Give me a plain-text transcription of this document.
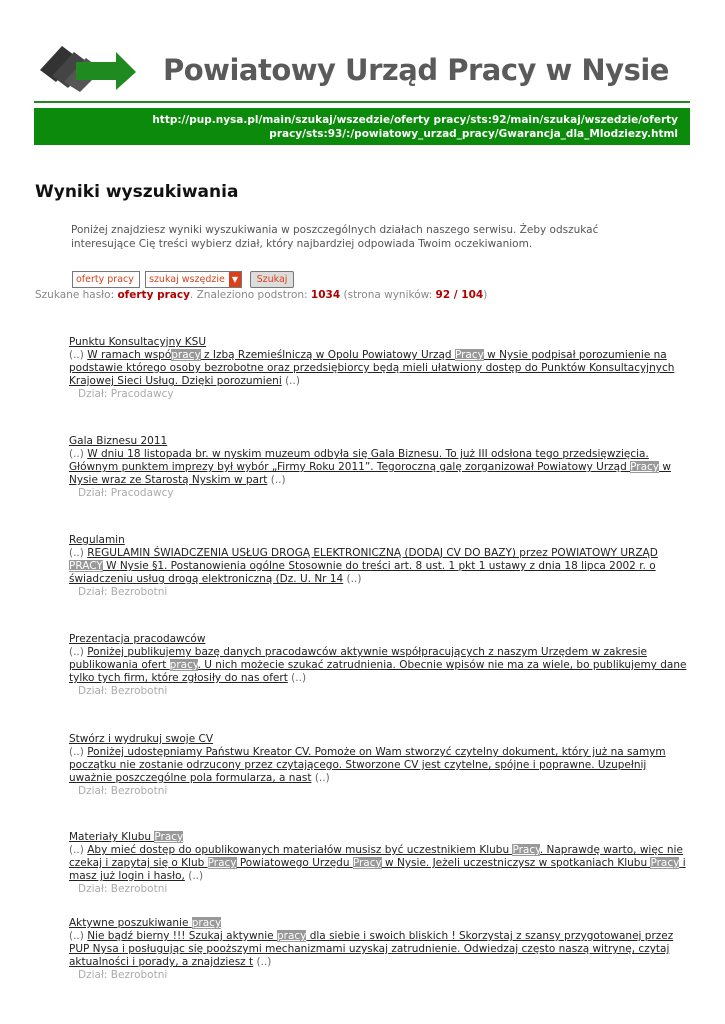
Powiatowy Urząd Pracy w Nysie
http://pup.nysa.pl/main/szukaj/wszedzie/oferty pracy/sts:92/main/szukaj/wszedzie/oferty
pracy/sts:93/:/powiatowy_urzad_pracy/Gwarancja_dla_Mlodziezy.html
Wyniki wyszukiwania

Poniżej znajdziesz wyniki wyszukiwania w poszczególnych działach naszego serwisu. Żeby odszukać interesujące Cię treści wybierz dział, który najbardziej odpowiada Twoim oczekiwaniom.

oferty pracy	szukaj wszędzie ▼	Szukaj
Szukane hasło: oferty pracy. Znaleziono podstron: 1034 (strona wyników: 92 / 104)
Punktu Konsultacyjny KSU
(..) W ramach wspópracy z Izbą Rzemieślniczą w Opolu Powiatowy Urząd Pracy w Nysie podpisał porozumienie na podstawie którego osoby bezrobotne oraz przedsiębiorcy będą mieli ułatwiony dostęp do Punktów Konsultacyjnych Krajowej Sieci Usług. Dzięki porozumieni (..)
Dział: Pracodawcy
Gala Biznesu 2011
(..) W dniu 18 listopada br. w nyskim muzeum odbyła się Gala Biznesu. To już III odsłona tego przedsięwzięcia. Głównym punktem imprezy był wybór „Firmy Roku 2011”. Tegoroczną galę zorganizował Powiatowy Urząd Pracy w Nysie wraz ze Starostą Nyskim w part (..)
Dział: Pracodawcy
Regulamin
(..) REGULAMIN ŚWIADCZENIA USŁUG DROGĄ ELEKTRONICZNĄ (DODAJ CV DO BAZY) przez POWIATOWY URZĄD PRACY W Nysie §1. Postanowienia ogólne Stosownie do treści art. 8 ust. 1 pkt 1 ustawy z dnia 18 lipca 2002 r. o świadczeniu usług drogą elektroniczną (Dz. U. Nr 14 (..)
Dział: Bezrobotni
Prezentacja pracodawców
(..) Poniżej publikujemy bazę danych pracodawców aktywnie współpracujących z naszym Urzędem w zakresie publikowania ofert pracy. U nich możecie szukać zatrudnienia. Obecnie wpisów nie ma za wiele, bo publikujemy dane tylko tych firm, które zgłosiły do nas ofert (..)
Dział: Bezrobotni
Stwórz i wydrukuj swoje CV
(..) Poniżej udostępniamy Państwu Kreator CV. Pomoże on Wam stworzyć czytelny dokument, który już na samym początku nie zostanie odrzucony przez czytającego. Stworzone CV jest czytelne, spójne i poprawne. Uzupełnij uważnie poszczególne pola formularza, a nast (..)
Dział: Bezrobotni
Materiały Klubu Pracy
(..) Aby mieć dostęp do opublikowanych materiałów musisz być uczestnikiem Klubu Pracy. Naprawdę warto, więc nie czekaj i zapytaj się o Klub Pracy Powiatowego Urzędu Pracy w Nysie. Jeżeli uczestniczysz w spotkaniach Klubu Pracy i masz już login i hasło, (..)
Dział: Bezrobotni
Aktywne poszukiwanie pracy
(..) Nie bądź bierny !!! Szukaj aktywnie pracy dla siebie i swoich bliskich ! Skorzystaj z szansy przygotowanej przez PUP Nysa i posługując się pooższymi mechanizmami uzyskaj zatrudnienie. Odwiedzaj często naszą witrynę, czytaj aktualności i porady, a znajdziesz t (..)
Dział: Bezrobotni
